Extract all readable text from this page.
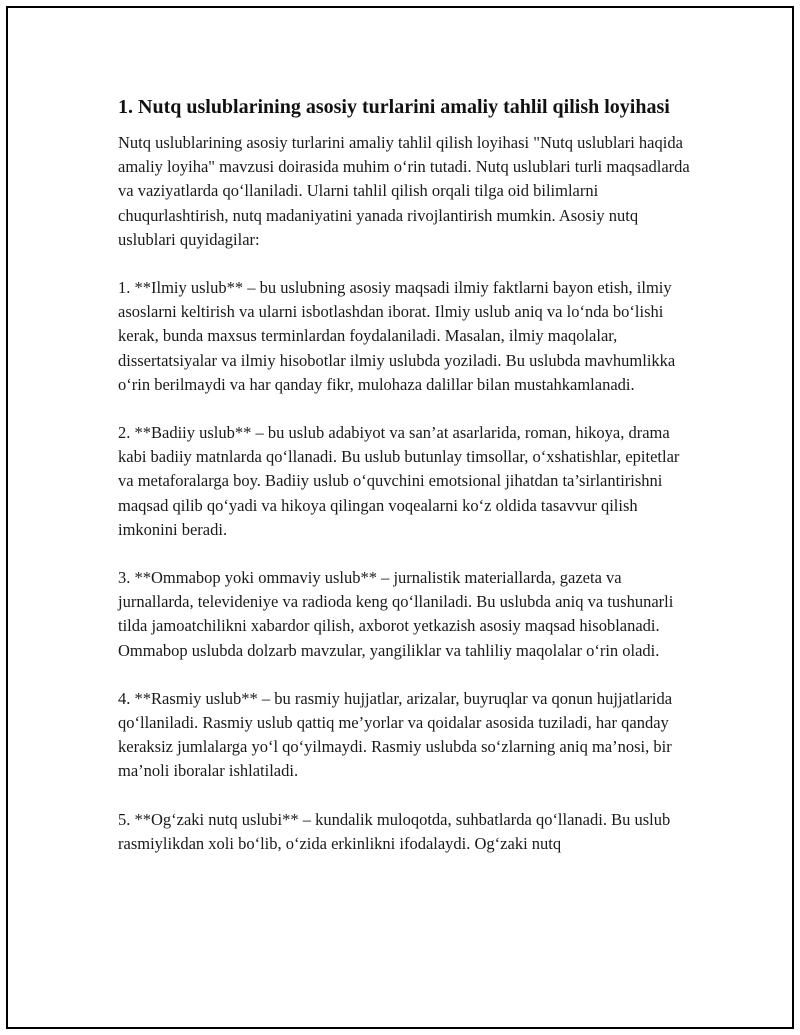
1. Nutq uslublarining asosiy turlarini amaliy tahlil qilish loyihasi

Nutq uslublarining asosiy turlarini amaliy tahlil qilish loyihasi "Nutq uslublari haqida amaliy loyiha" mavzusi doirasida muhim o‘rin tutadi. Nutq uslublari turli maqsadlarda va vaziyatlarda qo‘llaniladi. Ularni tahlil qilish orqali tilga oid bilimlarni chuqurlashtirish, nutq madaniyatini yanada rivojlantirish mumkin. Asosiy nutq uslublari quyidagilar:

1. **Ilmiy uslub** – bu uslubning asosiy maqsadi ilmiy faktlarni bayon etish, ilmiy asoslarni keltirish va ularni isbotlashdan iborat. Ilmiy uslub aniq va lo‘nda bo‘lishi kerak, bunda maxsus terminlardan foydalaniladi. Masalan, ilmiy maqolalar, dissertatsiyalar va ilmiy hisobotlar ilmiy uslubda yoziladi. Bu uslubda mavhumlikka o‘rin berilmaydi va har qanday fikr, mulohaza dalillar bilan mustahkamlanadi.

2. **Badiiy uslub** – bu uslub adabiyot va san’at asarlarida, roman, hikoya, drama kabi badiiy matnlarda qo‘llanadi. Bu uslub butunlay timsollar, o‘xshatishlar, epitetlar va metaforalarga boy. Badiiy uslub o‘quvchini emotsional jihatdan ta’sirlantirishni maqsad qilib qo‘yadi va hikoya qilingan voqealarni ko‘z oldida tasavvur qilish imkonini beradi.

3. **Ommabop yoki ommaviy uslub** – jurnalistik materiallarda, gazeta va jurnallarda, televideniye va radioda keng qo‘llaniladi. Bu uslubda aniq va tushunarli tilda jamoatchilikni xabardor qilish, axborot yetkazish asosiy maqsad hisoblanadi. Ommabop uslubda dolzarb mavzular, yangiliklar va tahliliy maqolalar o‘rin oladi.

4. **Rasmiy uslub** – bu rasmiy hujjatlar, arizalar, buyruqlar va qonun hujjatlarida qo‘llaniladi. Rasmiy uslub qattiq me’yorlar va qoidalar asosida tuziladi, har qanday keraksiz jumlalarga yo‘l qo‘yilmaydi. Rasmiy uslubda so‘zlarning aniq ma’nosi, bir ma’noli iboralar ishlatiladi.

5. **Og‘zaki nutq uslubi** – kundalik muloqotda, suhbatlarda qo‘llanadi. Bu uslub rasmiylikdan xoli bo‘lib, o‘zida erkinlikni ifodalaydi. Og‘zaki nutq
